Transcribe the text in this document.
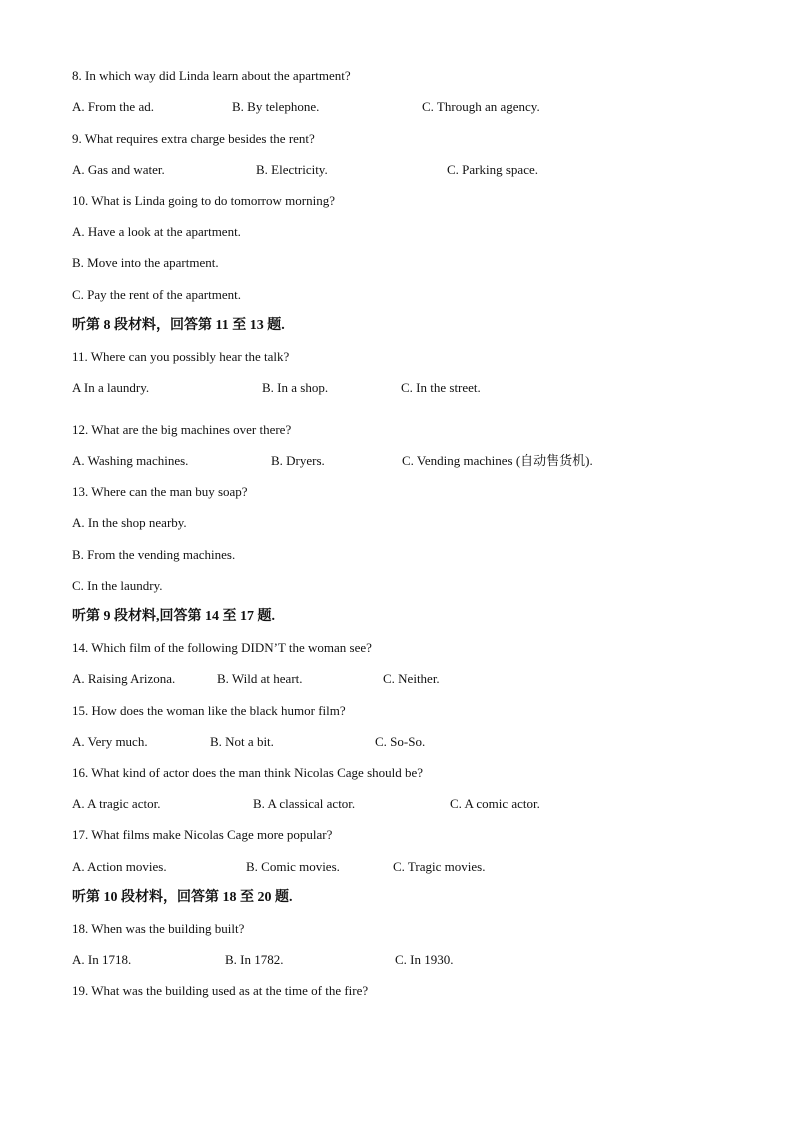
8. In which way did Linda learn about the apartment?
A. From the ad.	B. By telephone.	C. Through an agency.
9. What requires extra charge besides the rent?
A. Gas and water.	B. Electricity.	C. Parking space.
10. What is Linda going to do tomorrow morning?
A. Have a look at the apartment.
B. Move into the apartment.
C. Pay the rent of the apartment.
听第 8 段材料，回答第 11 至 13 题.
11. Where can you possibly hear the talk?
A In a laundry.	B. In a shop.	C. In the street.
12. What are the big machines over there?
A. Washing machines.	B. Dryers.	C. Vending machines (自动售货机).
13. Where can the man buy soap?
A. In the shop nearby.
B. From the vending machines.
C. In the laundry.
听第 9 段材料,回答第 14 至 17 题.
14. Which film of the following DIDN’T the woman see?
A. Raising Arizona.	B. Wild at heart.	C. Neither.
15. How does the woman like the black humor film?
A. Very much.	B. Not a bit.	C. So-So.
16. What kind of actor does the man think Nicolas Cage should be?
A. A tragic actor.	B. A classical actor.	C. A comic actor.
17. What films make Nicolas Cage more popular?
A. Action movies.	B. Comic movies.	C. Tragic movies.
听第 10 段材料，回答第 18 至 20 题.
18. When was the building built?
A. In 1718.	B. In 1782.	C. In 1930.
19. What was the building used as at the time of the fire?
